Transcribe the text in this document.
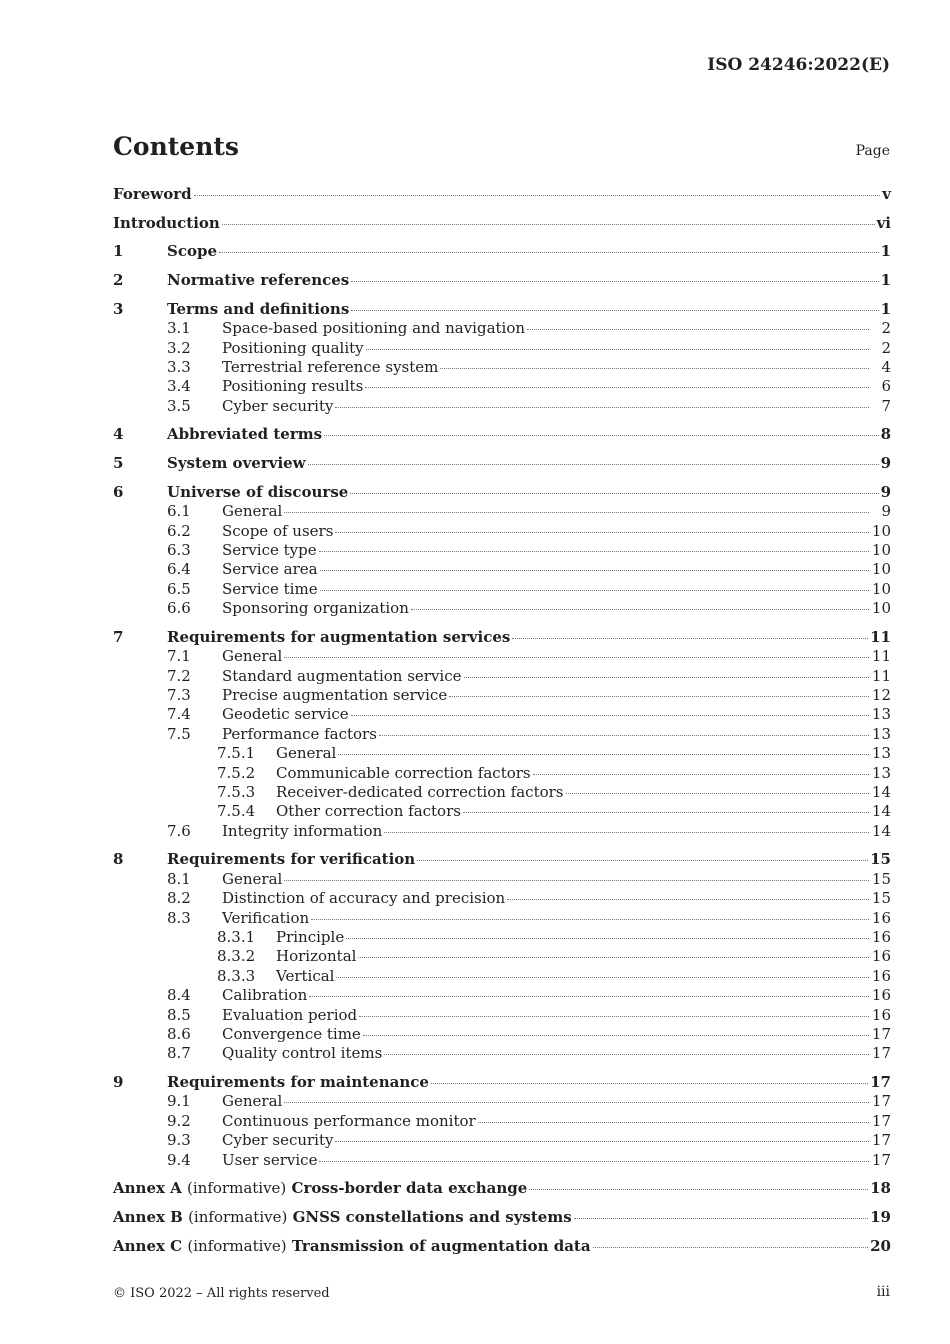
ISO 24246:2022(E)
Contents	Page
Foreword	v
Introduction	vi
1	Scope	1
2	Normative references	1
3	Terms and definitions	1
3.1	Space-based positioning and navigation	2
3.2	Positioning quality	2
3.3	Terrestrial reference system	4
3.4	Positioning results	6
3.5	Cyber security	7
4	Abbreviated terms	8
5	System overview	9
6	Universe of discourse	9
6.1	General	9
6.2	Scope of users	10
6.3	Service type	10
6.4	Service area	10
6.5	Service time	10
6.6	Sponsoring organization	10
7	Requirements for augmentation services	11
7.1	General	11
7.2	Standard augmentation service	11
7.3	Precise augmentation service	12
7.4	Geodetic service	13
7.5	Performance factors	13
7.5.1	General	13
7.5.2	Communicable correction factors	13
7.5.3	Receiver-dedicated correction factors	14
7.5.4	Other correction factors	14
7.6	Integrity information	14
8	Requirements for verification	15
8.1	General	15
8.2	Distinction of accuracy and precision	15
8.3	Verification	16
8.3.1	Principle	16
8.3.2	Horizontal	16
8.3.3	Vertical	16
8.4	Calibration	16
8.5	Evaluation period	16
8.6	Convergence time	17
8.7	Quality control items	17
9	Requirements for maintenance	17
9.1	General	17
9.2	Continuous performance monitor	17
9.3	Cyber security	17
9.4	User service	17
Annex A (informative) Cross-border data exchange	18
Annex B (informative) GNSS constellations and systems	19
Annex C (informative) Transmission of augmentation data	20
© ISO 2022 – All rights reserved	iii
